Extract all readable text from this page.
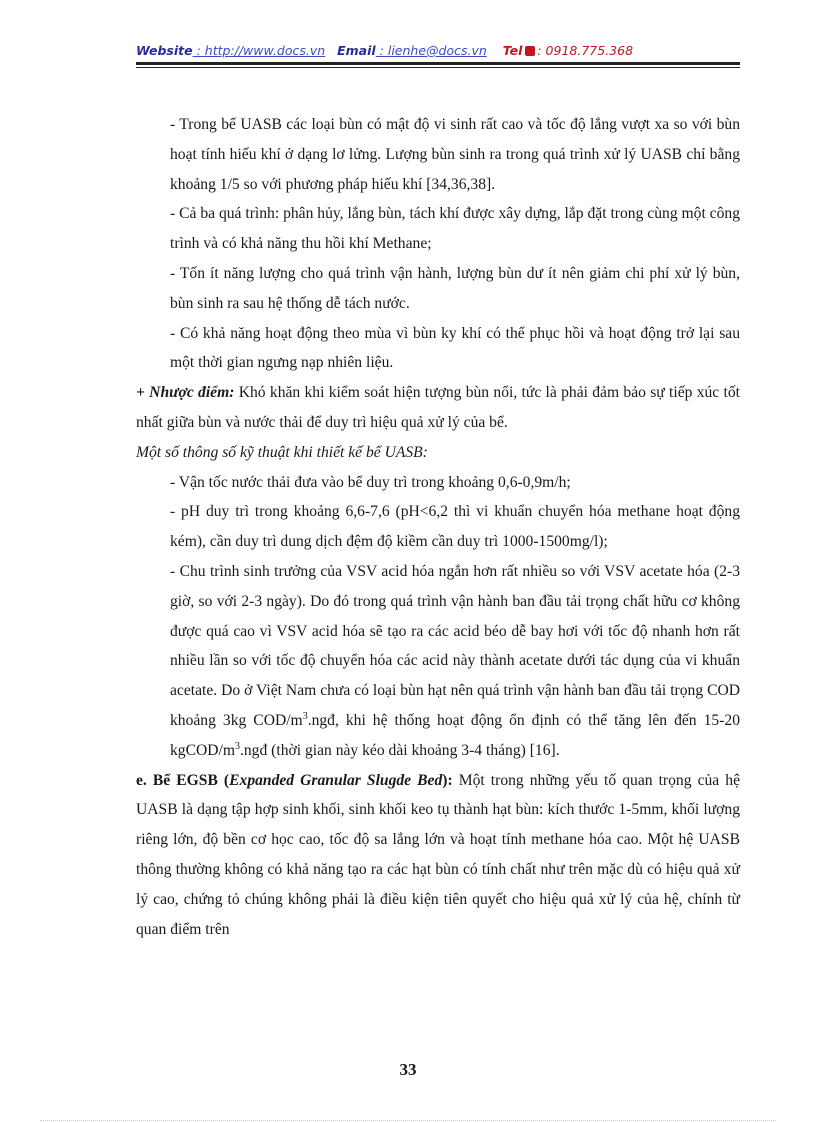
Website : http://www.docs.vn Email : lienhe@docs.vn Tel : 0918.775.368

- Trong bể UASB các loại bùn có mật độ vi sinh rất cao và tốc độ lắng vượt xa so với bùn hoạt tính hiếu khí ở dạng lơ lửng. Lượng bùn sinh ra trong quá trình xử lý UASB chỉ bằng khoảng 1/5 so với phương pháp hiếu khí [34,36,38].

- Cả ba quá trình: phân hủy, lắng bùn, tách khí được xây dựng, lắp đặt trong cùng một công trình và có khả năng thu hồi khí Methane;

- Tốn ít năng lượng cho quá trình vận hành, lượng bùn dư ít nên giảm chi phí xử lý bùn, bùn sinh ra sau hệ thống dễ tách nước.

- Có khả năng hoạt động theo mùa vì bùn ky khí có thể phục hồi và hoạt động trở lại sau một thời gian ngưng nạp nhiên liệu.

+ Nhược điểm: Khó khăn khi kiểm soát hiện tượng bùn nổi, tức là phải đảm bảo sự tiếp xúc tốt nhất giữa bùn và nước thải để duy trì hiệu quả xử lý của bể.

Một số thông số kỹ thuật khi thiết kế bể UASB:

- Vận tốc nước thải đưa vào bể duy trì trong khoảng 0,6-0,9m/h;

- pH duy trì trong khoảng 6,6-7,6 (pH<6,2 thì vi khuẩn chuyển hóa methane hoạt động kém), cần duy trì dung dịch đệm độ kiềm cần duy trì 1000-1500mg/l);

- Chu trình sinh trưởng của VSV acid hóa ngắn hơn rất nhiều so với VSV acetate hóa (2-3 giờ, so với 2-3 ngày). Do đó trong quá trình vận hành ban đầu tải trọng chất hữu cơ không được quá cao vì VSV acid hóa sẽ tạo ra các acid béo dễ bay hơi với tốc độ nhanh hơn rất nhiều lần so với tốc độ chuyển hóa các acid này thành acetate dưới tác dụng của vi khuẩn acetate. Do ở Việt Nam chưa có loại bùn hạt nên quá trình vận hành ban đầu tải trọng COD khoảng 3kg COD/$m^3.ngđ$, khi hệ thống hoạt động ổn định có thể tăng lên đến 15-20 kgCOD/$m^3.ngđ$ (thời gian này kéo dài khoảng 3-4 tháng) [16].

e. Bể EGSB (Expanded Granular Slugde Bed): Một trong những yếu tố quan trọng của hệ UASB là dạng tập hợp sinh khối, sinh khối keo tụ thành hạt bùn: kích thước 1-5mm, khối lượng riêng lớn, độ bền cơ học cao, tốc độ sa lắng lớn và hoạt tính methane hóa cao. Một hệ UASB thông thường không có khả năng tạo ra các hạt bùn có tính chất như trên mặc dù có hiệu quả xử lý cao, chứng tỏ chúng không phải là điều kiện tiên quyết cho hiệu quả xử lý của hệ, chính từ quan điểm trên

33
